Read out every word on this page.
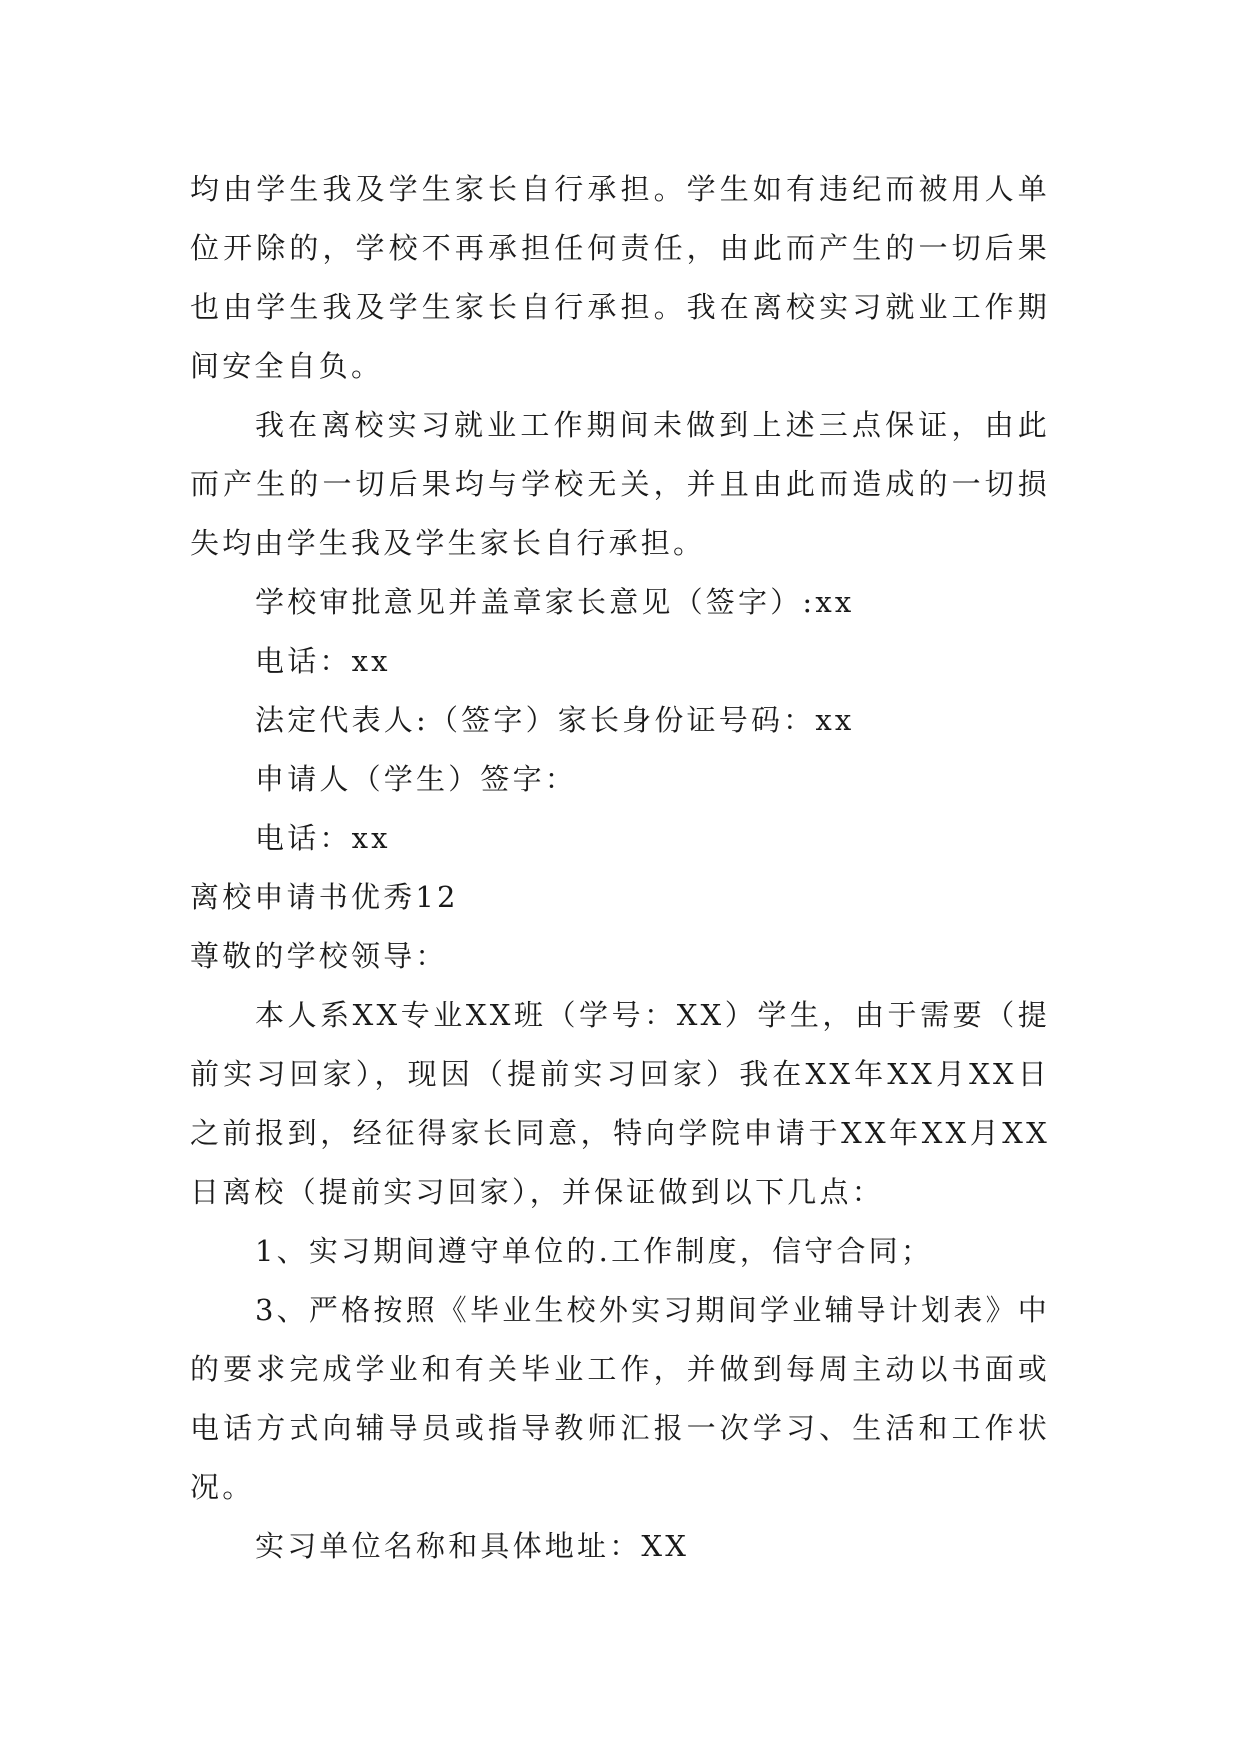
均由学生我及学生家长自行承担。学生如有违纪而被用人单位开除的，学校不再承担任何责任，由此而产生的一切后果也由学生我及学生家长自行承担。我在离校实习就业工作期间安全自负。

我在离校实习就业工作期间未做到上述三点保证，由此而产生的一切后果均与学校无关，并且由此而造成的一切损失均由学生我及学生家长自行承担。

学校审批意见并盖章家长意见（签字）:xx

电话：xx

法定代表人:（签字）家长身份证号码：xx

申请人（学生）签字：

电话：xx

离校申请书优秀12

尊敬的学校领导：

本人系XX专业XX班（学号：XX）学生，由于需要（提前实习回家），现因（提前实习回家）我在XX年XX月XX日之前报到，经征得家长同意，特向学院申请于XX年XX月XX日离校（提前实习回家），并保证做到以下几点：

1、实习期间遵守单位的.工作制度，信守合同；

3、严格按照《毕业生校外实习期间学业辅导计划表》中的要求完成学业和有关毕业工作，并做到每周主动以书面或电话方式向辅导员或指导教师汇报一次学习、生活和工作状况。

实习单位名称和具体地址：XX
